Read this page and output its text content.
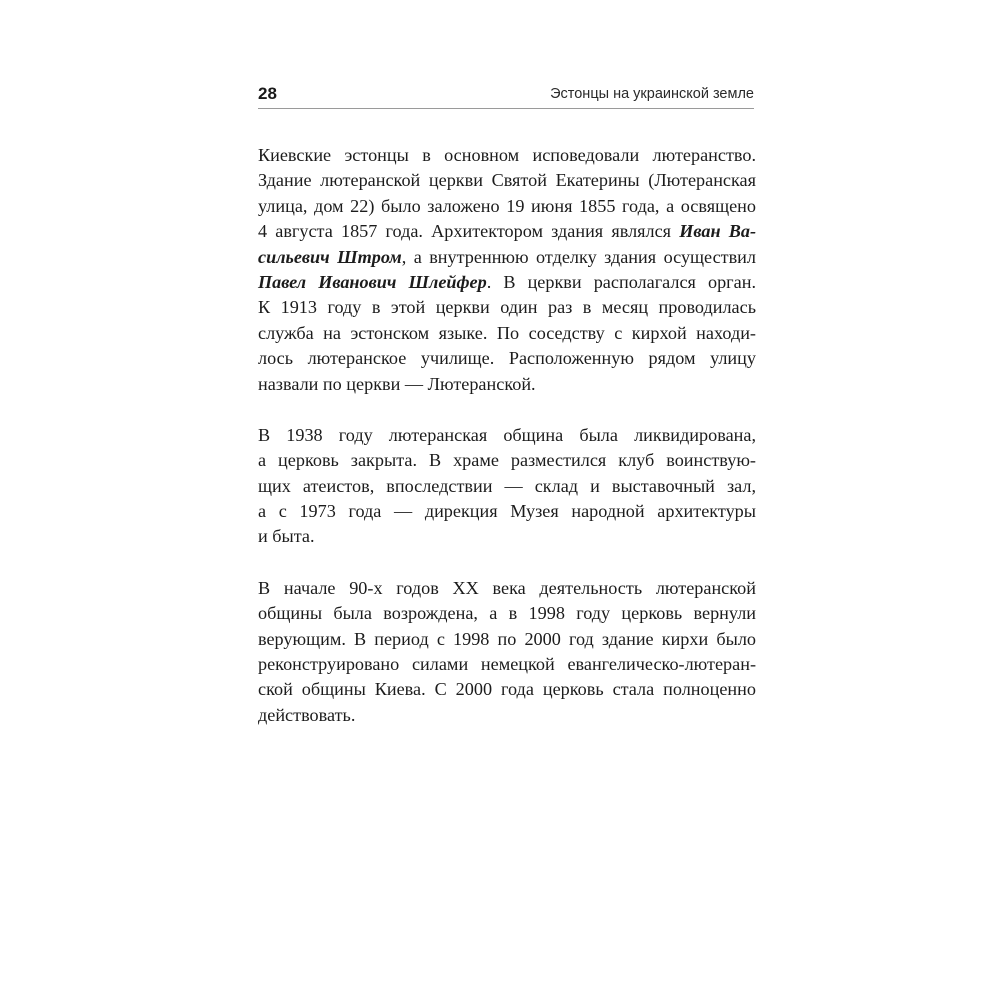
28	Эстонцы на украинской земле
Киевские эстонцы в основном исповедовали лютеранство.
Здание лютеранской церкви Святой Екатерины (Лютеранская
улица, дом 22) было заложено 19 июня 1855 года, а освящено
4 августа 1857 года. Архитектором здания являлся Иван Ва-
сильевич Штром, а внутреннюю отделку здания осуществил
Павел Иванович Шлейфер. В церкви располагался орган.
К 1913 году в этой церкви один раз в месяц проводилась
служба на эстонском языке. По соседству с кирхой находи-
лось лютеранское училище. Расположенную рядом улицу
назвали по церкви — Лютеранской.
В 1938 году лютеранская община была ликвидирована,
а церковь закрыта. В храме разместился клуб воинствую-
щих атеистов, впоследствии — склад и выставочный зал,
а с 1973 года — дирекция Музея народной архитектуры
и быта.
В начале 90-х годов XX века деятельность лютеранской
общины была возрождена, а в 1998 году церковь вернули
верующим. В период с 1998 по 2000 год здание кирхи было
реконструировано силами немецкой евангелическо-лютеран-
ской общины Киева. С 2000 года церковь стала полноценно
действовать.
